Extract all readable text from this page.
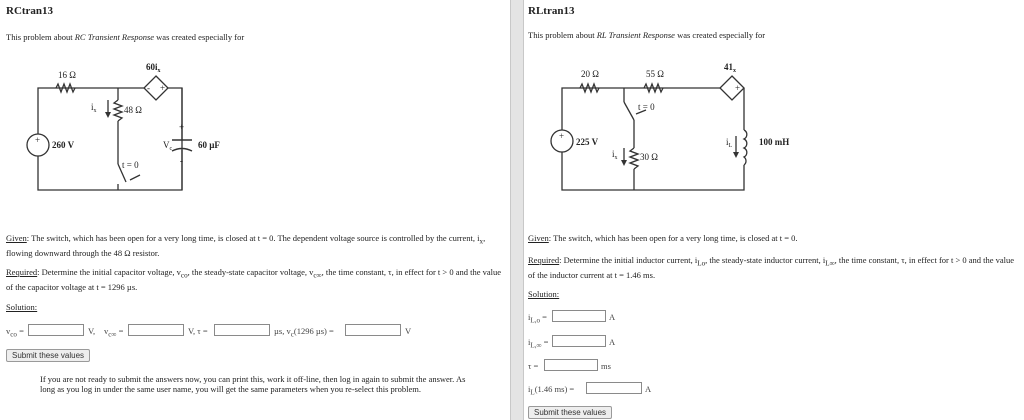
RCtran13
This problem about RC Transient Response was created especially for
16 Ω
48 Ω
$i_x$
t = 0
- +
$60i_x$
+ 260 V	60 µF
+
$V_c$
-
Given: The switch, which has been open for a very long time, is closed at t = 0. The dependent voltage source is controlled by the current, $i_x$, flowing downward through the 48 Ω resistor.
Required: Determine the initial capacitor voltage, $v_{co}$, the steady-state capacitor voltage, $v_{c\infty}$, the time constant, τ, in effect for t > 0 and the value of the capacitor voltage at t = 1296 µs.
Solution:
$v_{co}$ =	V, $v_{c\infty}$ =	V, τ =	µs, $v_c(1296$ µs) =	V
Submit these values
If you are not ready to submit the answers now, you can print this, work it off-line, then log in again to submit the answer. As long as you log in under the same user name, you will get the same parameters when you re-select this problem.
RLtran13
This problem about RL Transient Response was created especially for
20 Ω	55 Ω
t = 0
30 Ω
$i_x$
+
$41_x$
+
225 V	100 mH
$i_L$
Given: The switch, which has been open for a very long time, is closed at t = 0.
Required: Determine the initial inductor current, $i_{Lo}$, the steady-state inductor current, $i_{L\infty}$, the time constant, τ, in effect for t > 0 and the value of the inductor current at t = 1.46 ms.
Solution:
$i_{L,o}$ =	A
$i_{L,\infty}$ =	A
τ =	ms
$i_L(1.46$ ms) =	A
Submit these values
